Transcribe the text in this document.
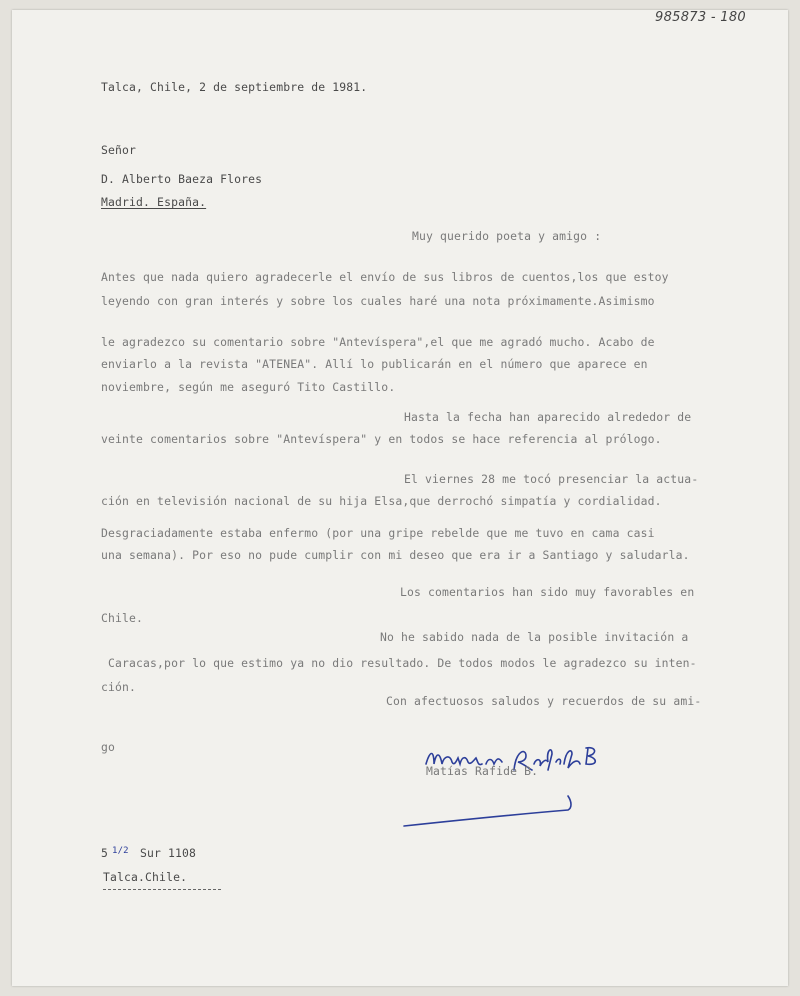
985873 - 180
Talca, Chile, 2 de septiembre de 1981.
Señor
D. Alberto Baeza Flores
Madrid. España.
Muy querido poeta y amigo :
Antes que nada quiero agradecerle el envío de sus libros de cuentos,los que estoy
leyendo con gran interés y sobre los cuales haré una nota próximamente.Asimismo
le agradezco su comentario sobre "Antevíspera",el que me agradó mucho. Acabo de
enviarlo a la revista "ATENEA". Allí lo publicarán en el número que aparece en
noviembre, según me aseguró Tito Castillo.
Hasta la fecha han aparecido alrededor de
veinte comentarios sobre "Antevíspera" y en todos se hace referencia al prólogo.
El viernes 28 me tocó presenciar la actua-
ción en televisión nacional de su hija Elsa,que derrochó simpatía y cordialidad.
Desgraciadamente estaba enfermo (por una gripe rebelde que me tuvo en cama casi
una semana). Por eso no pude cumplir con mi deseo que era ir a Santiago y saludarla.
Los comentarios han sido muy favorables en
Chile.
No he sabido nada de la posible invitación a
Caracas,por lo que estimo ya no dio resultado. De todos modos le agradezco su inten-
ción.
Con afectuosos saludos y recuerdos de su ami-
go
Matías Rafide B.
5 1/2 Sur 1108
Talca.Chile.
